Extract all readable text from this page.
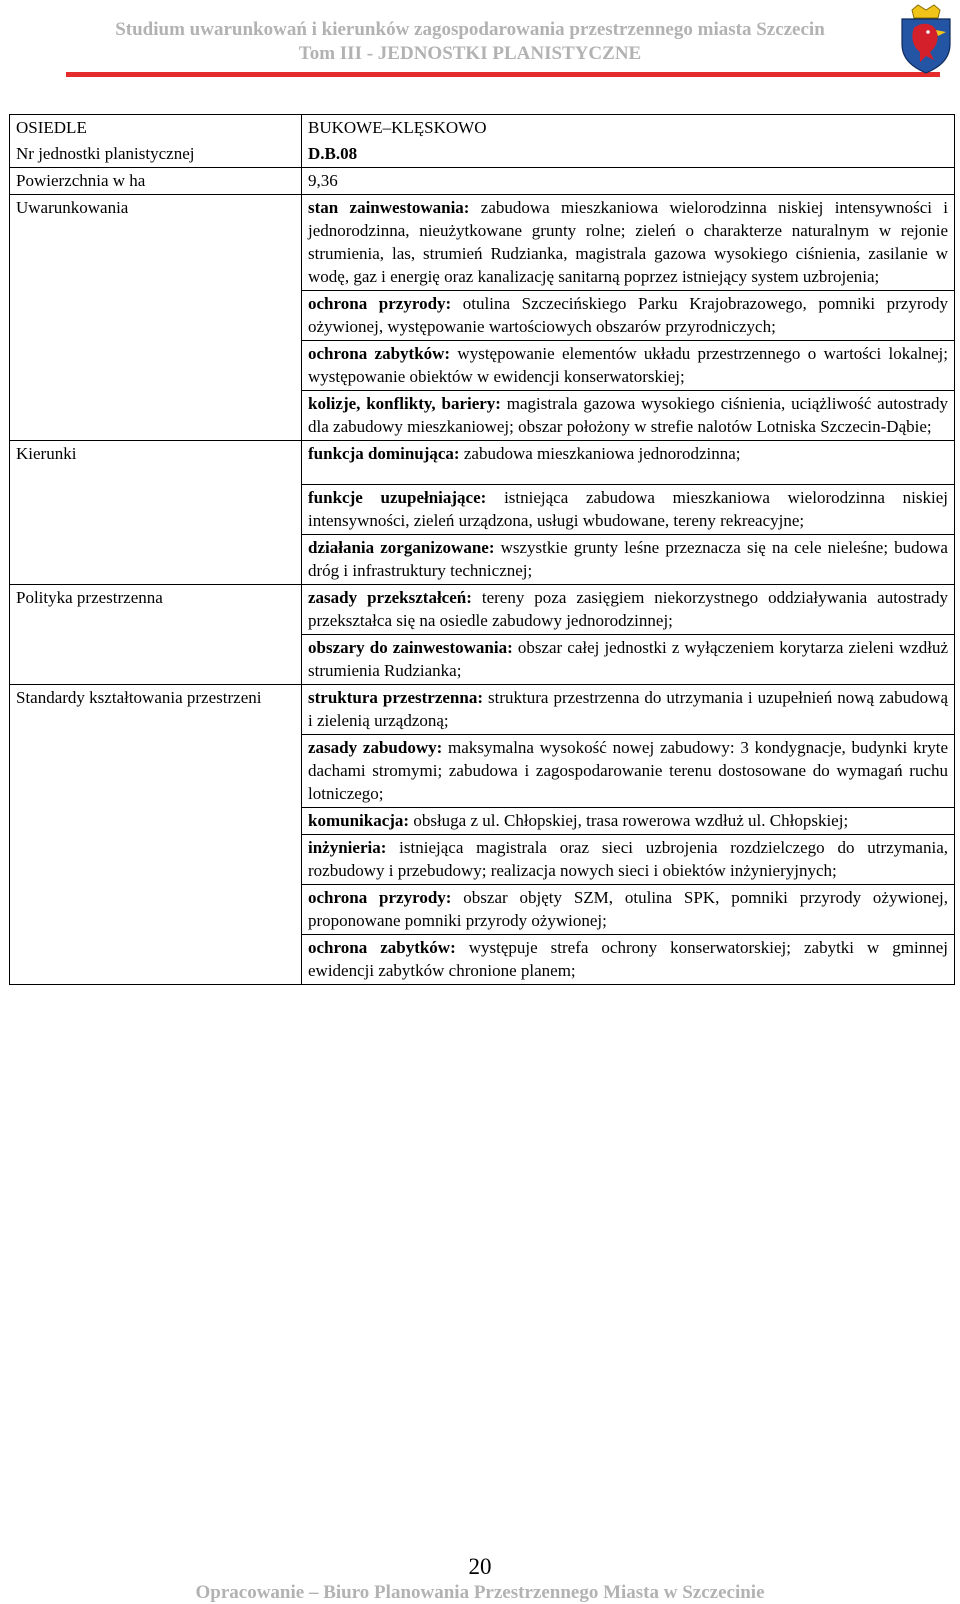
Studium uwarunkowań i kierunków zagospodarowania przestrzennego miasta Szczecin
Tom III - JEDNOSTKI PLANISTYCZNE
OSIEDLE	BUKOWE–KLĘSKOWO
Nr jednostki planistycznej	D.B.08
Powierzchnia w ha	9,36
Uwarunkowania	stan zainwestowania: zabudowa mieszkaniowa wielorodzinna niskiej intensywności i jednorodzinna, nieużytkowane grunty rolne; zieleń o charakterze naturalnym w rejonie strumienia, las, strumień Rudzianka, magistrala gazowa wysokiego ciśnienia, zasilanie w wodę, gaz i energię oraz kanalizację sanitarną poprzez istniejący system uzbrojenia;
	ochrona przyrody: otulina Szczecińskiego Parku Krajobrazowego, pomniki przyrody ożywionej, występowanie wartościowych obszarów przyrodniczych;
	ochrona zabytków: występowanie elementów układu przestrzennego o wartości lokalnej; występowanie obiektów w ewidencji konserwatorskiej;
	kolizje, konflikty, bariery: magistrala gazowa wysokiego ciśnienia, uciążliwość autostrady dla zabudowy mieszkaniowej; obszar położony w strefie nalotów Lotniska Szczecin-Dąbie;
Kierunki	funkcja dominująca: zabudowa mieszkaniowa jednorodzinna;
	funkcje uzupełniające: istniejąca zabudowa mieszkaniowa wielorodzinna niskiej intensywności, zieleń urządzona, usługi wbudowane, tereny rekreacyjne;
	działania zorganizowane: wszystkie grunty leśne przeznacza się na cele nieleśne; budowa dróg i infrastruktury technicznej;
Polityka przestrzenna	zasady przekształceń: tereny poza zasięgiem niekorzystnego oddziaływania autostrady przekształca się na osiedle zabudowy jednorodzinnej;
	obszary do zainwestowania: obszar całej jednostki z wyłączeniem korytarza zieleni wzdłuż strumienia Rudzianka;
Standardy kształtowania przestrzeni	struktura przestrzenna: struktura przestrzenna do utrzymania i uzupełnień nową zabudową i zielenią urządzoną;
	zasady zabudowy: maksymalna wysokość nowej zabudowy: 3 kondygnacje, budynki kryte dachami stromymi; zabudowa i zagospodarowanie terenu dostosowane do wymagań ruchu lotniczego;
	komunikacja: obsługa z ul. Chłopskiej, trasa rowerowa wzdłuż ul. Chłopskiej;
	inżynieria: istniejąca magistrala oraz sieci uzbrojenia rozdzielczego do utrzymania, rozbudowy i przebudowy; realizacja nowych sieci i obiektów inżynieryjnych;
	ochrona przyrody: obszar objęty SZM, otulina SPK, pomniki przyrody ożywionej, proponowane pomniki przyrody ożywionej;
	ochrona zabytków: występuje strefa ochrony konserwatorskiej; zabytki w gminnej ewidencji zabytków chronione planem;
20
Opracowanie – Biuro Planowania Przestrzennego Miasta w Szczecinie
